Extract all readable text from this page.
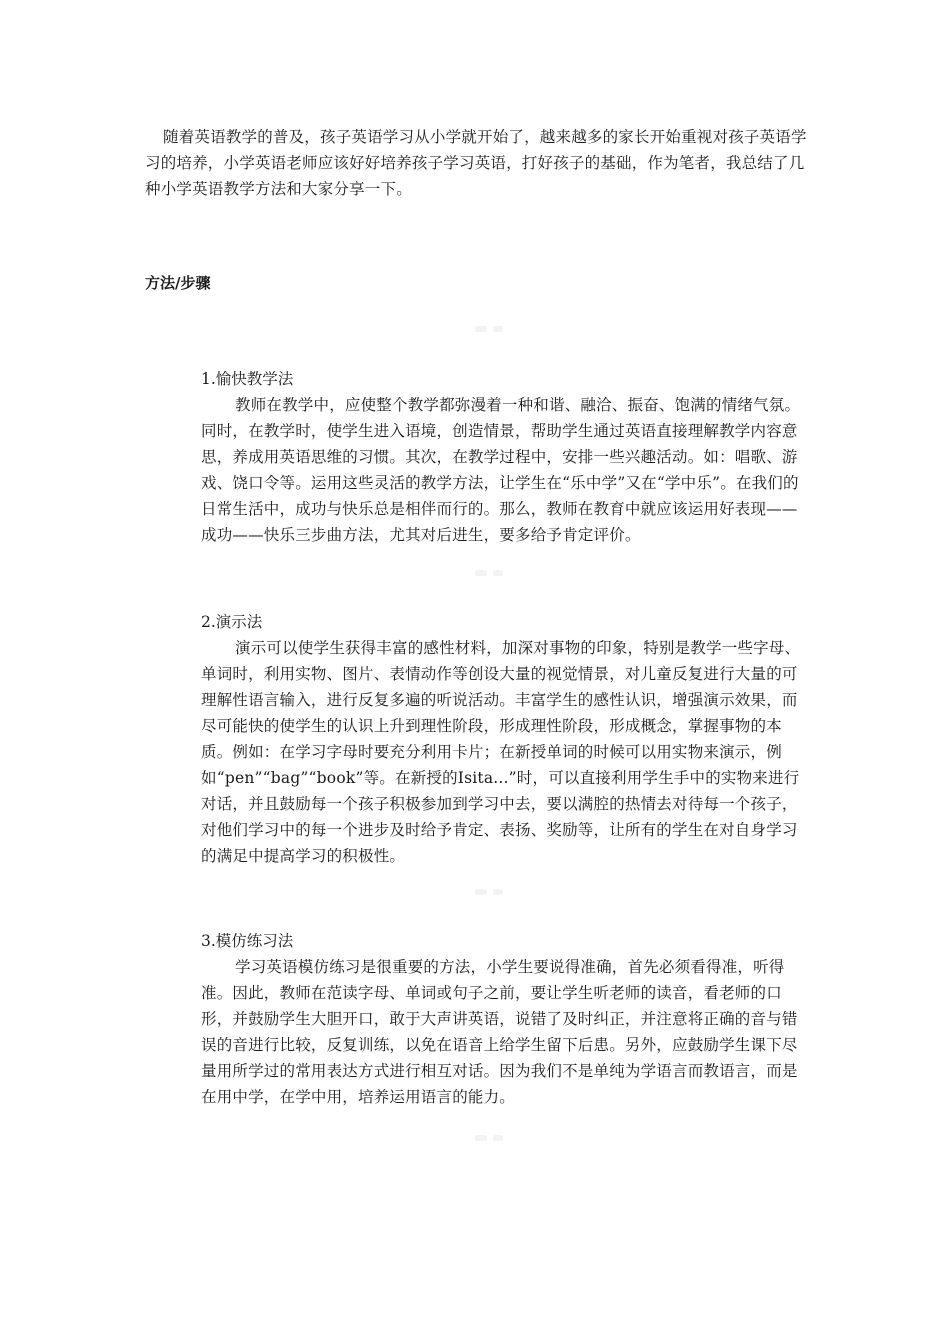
随着英语教学的普及，孩子英语学习从小学就开始了，越来越多的家长开始重视对孩子英语学习的培养，小学英语老师应该好好培养孩子学习英语，打好孩子的基础，作为笔者，我总结了几种小学英语教学方法和大家分享一下。

方法/步骤

1.愉快教学法

教师在教学中，应使整个教学都弥漫着一种和谐、融洽、振奋、饱满的情绪气氛。同时，在教学时，使学生进入语境，创造情景，帮助学生通过英语直接理解教学内容意思，养成用英语思维的习惯。其次，在教学过程中，安排一些兴趣活动。如：唱歌、游戏、饶口令等。运用这些灵活的教学方法，让学生在“乐中学”又在“学中乐”。在我们的日常生活中，成功与快乐总是相伴而行的。那么，教师在教育中就应该运用好表现——成功——快乐三步曲方法，尤其对后进生，要多给予肯定评价。

2.演示法

演示可以使学生获得丰富的感性材料，加深对事物的印象，特别是教学一些字母、单词时，利用实物、图片、表情动作等创设大量的视觉情景，对儿童反复进行大量的可理解性语言输入，进行反复多遍的听说活动。丰富学生的感性认识，增强演示效果，而尽可能快的使学生的认识上升到理性阶段，形成理性阶段，形成概念，掌握事物的本质。例如：在学习字母时要充分利用卡片；在新授单词的时候可以用实物来演示，例如“pen”“bag”“book”等。在新授的Isita...”时，可以直接利用学生手中的实物来进行对话，并且鼓励每一个孩子积极参加到学习中去，要以满腔的热情去对待每一个孩子，对他们学习中的每一个进步及时给予肯定、表扬、奖励等，让所有的学生在对自身学习的满足中提高学习的积极性。

3.模仿练习法

学习英语模仿练习是很重要的方法，小学生要说得准确，首先必须看得准，听得准。因此，教师在范读字母、单词或句子之前，要让学生听老师的读音，看老师的口形，并鼓励学生大胆开口，敢于大声讲英语，说错了及时纠正，并注意将正确的音与错误的音进行比较，反复训练，以免在语音上给学生留下后患。另外，应鼓励学生课下尽量用所学过的常用表达方式进行相互对话。因为我们不是单纯为学语言而教语言，而是在用中学，在学中用，培养运用语言的能力。
